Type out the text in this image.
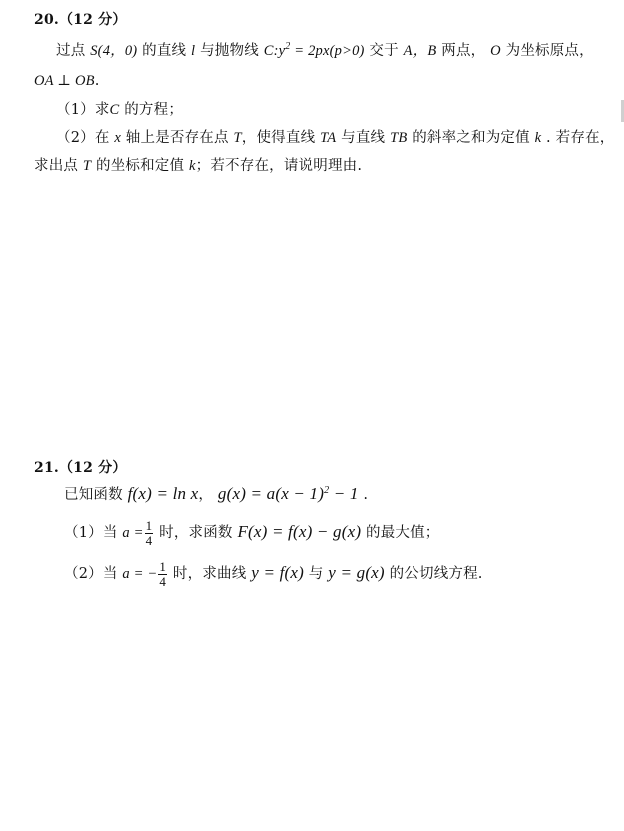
20.（12 分）
过点 S(4，0) 的直线 l 与抛物线 $C:y^2 = 2px(p>0)$ 交于 A，B 两点， O 为坐标原点，
OA ⊥ OB.
（1）求C 的方程；
（2）在 x 轴上是否存在点 T，使得直线 TA 与直线 TB 的斜率之和为定值 k . 若存在，
求出点 T 的坐标和定值 k；若不存在，请说明理由.
21.（12 分）
已知函数 f(x) = ln x， $g(x) = a(x - 1)^2 - 1$ .
（1）当 $a = \frac{1}{4}$ 时，求函数 F(x) = f(x) − g(x) 的最大值；
（2）当 a = − $\frac{1}{4}$ 时，求曲线 y = f(x) 与 y = g(x) 的公切线方程.
